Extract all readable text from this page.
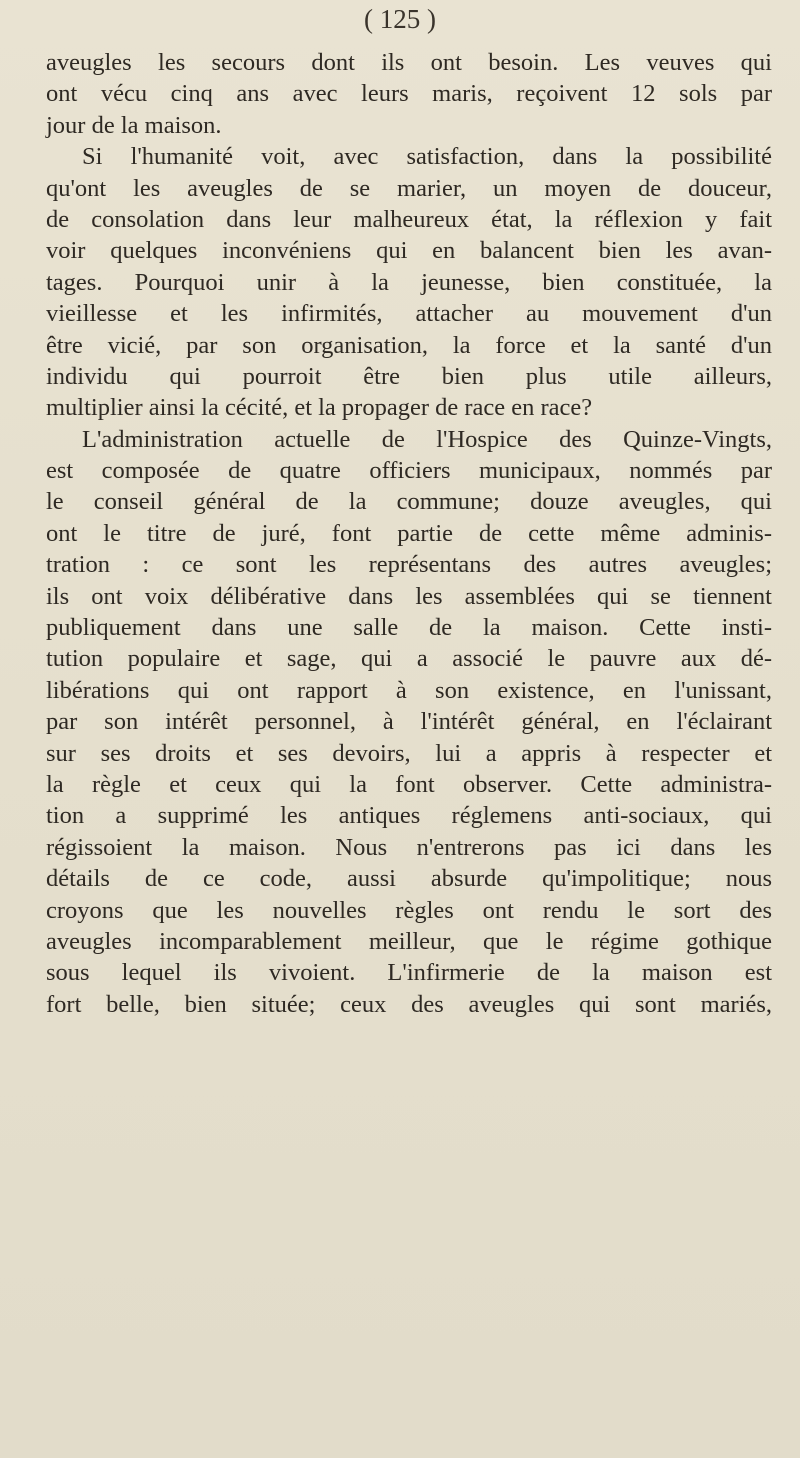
( 125 )
aveugles les secours dont ils ont besoin. Les veuves qui
ont vécu cinq ans avec leurs maris, reçoivent 12 sols par
jour de la maison.
Si l'humanité voit, avec satisfaction, dans la possibilité
qu'ont les aveugles de se marier, un moyen de douceur,
de consolation dans leur malheureux état, la réflexion y fait
voir quelques inconvéniens qui en balancent bien les avan-
tages. Pourquoi unir à la jeunesse, bien constituée, la
vieillesse et les infirmités, attacher au mouvement d'un
être vicié, par son organisation, la force et la santé d'un
individu qui pourroit être bien plus utile ailleurs,
multiplier ainsi la cécité, et la propager de race en race?
L'administration actuelle de l'Hospice des Quinze-Vingts,
est composée de quatre officiers municipaux, nommés par
le conseil général de la commune; douze aveugles, qui
ont le titre de juré, font partie de cette même adminis-
tration : ce sont les représentans des autres aveugles;
ils ont voix délibérative dans les assemblées qui se tiennent
publiquement dans une salle de la maison. Cette insti-
tution populaire et sage, qui a associé le pauvre aux dé-
libérations qui ont rapport à son existence, en l'unissant,
par son intérêt personnel, à l'intérêt général, en l'éclairant
sur ses droits et ses devoirs, lui a appris à respecter et
la règle et ceux qui la font observer. Cette administra-
tion a supprimé les antiques réglemens anti-sociaux, qui
régissoient la maison. Nous n'entrerons pas ici dans les
détails de ce code, aussi absurde qu'impolitique; nous
croyons que les nouvelles règles ont rendu le sort des
aveugles incomparablement meilleur, que le régime gothique
sous lequel ils vivoient. L'infirmerie de la maison est
fort belle, bien située; ceux des aveugles qui sont mariés,
